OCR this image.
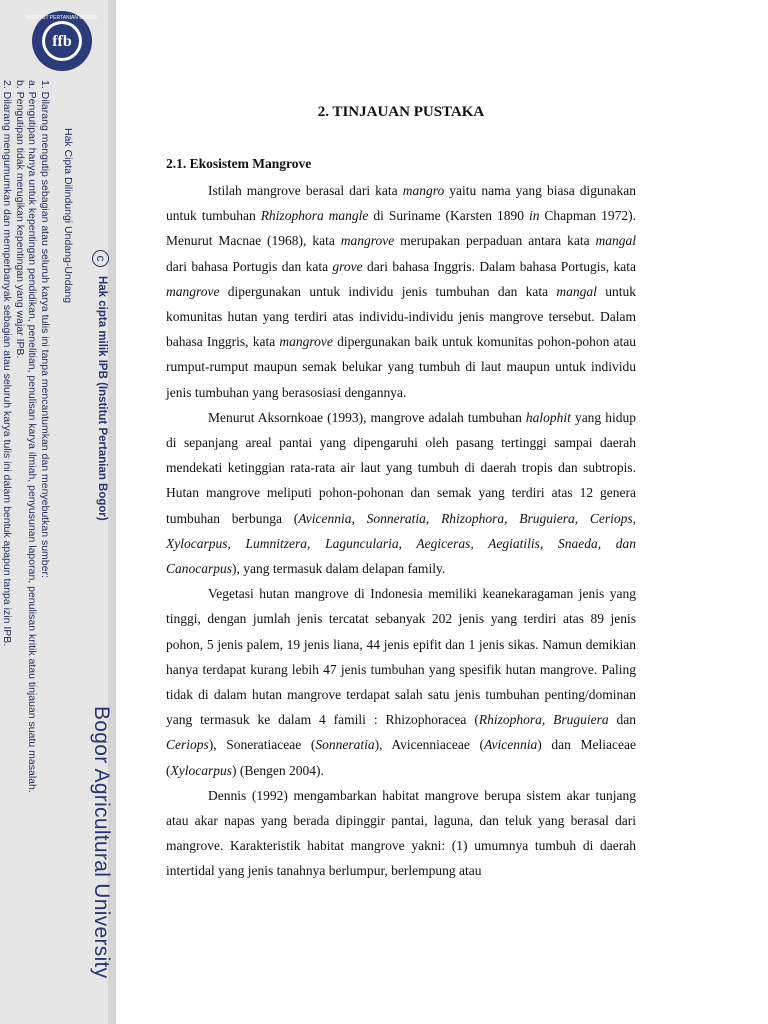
ffb
INSTITUT PERTANIAN BOGOR
2. Dilarang mengumumkan dan memperbanyak sebagian atau seluruh karya tulis ini dalam bentuk apapun tanpa izin IPB. b. Pengutipan tidak merugikan kepentingan yang wajar IPB. a. Pengutipan hanya untuk kepentingan pendidikan, penelitian, penulisan karya ilmiah, penyusunan laporan, penulisan kritik atau tinjauan suatu masalah. 1. Dilarang mengutip sebagian atau seluruh karya tulis ini tanpa mencantumkan dan menyebutkan sumber: Hak Cipta Dilindungi Undang-Undang c
Hak cipta milik IPB (Institut Pertanian Bogor)
Bogor Agricultural University
2. TINJAUAN PUSTAKA
2.1. Ekosistem Mangrove

Istilah mangrove berasal dari kata mangro yaitu nama yang biasa digunakan untuk tumbuhan Rhizophora mangle di Suriname (Karsten 1890 in Chapman 1972). Menurut Macnae (1968), kata mangrove merupakan perpaduan antara kata mangal dari bahasa Portugis dan kata grove dari bahasa Inggris. Dalam bahasa Portugis, kata mangrove dipergunakan untuk individu jenis tumbuhan dan kata mangal untuk komunitas hutan yang terdiri atas individu-individu jenis mangrove tersebut. Dalam bahasa Inggris, kata mangrove dipergunakan baik untuk komunitas pohon-pohon atau rumput-rumput maupun semak belukar yang tumbuh di laut maupun untuk individu jenis tumbuhan yang berasosiasi dengannya.

Menurut Aksornkoae (1993), mangrove adalah tumbuhan halophit yang hidup di sepanjang areal pantai yang dipengaruhi oleh pasang tertinggi sampai daerah mendekati ketinggian rata-rata air laut yang tumbuh di daerah tropis dan subtropis. Hutan mangrove meliputi pohon-pohonan dan semak yang terdiri atas 12 genera tumbuhan berbunga (Avicennia, Sonneratia, Rhizophora, Bruguiera, Ceriops, Xylocarpus, Lumnitzera, Laguncularia, Aegiceras, Aegiatilis, Snaeda, dan Canocarpus), yang termasuk dalam delapan family.

Vegetasi hutan mangrove di Indonesia memiliki keanekaragaman jenis yang tinggi, dengan jumlah jenis tercatat sebanyak 202 jenis yang terdiri atas 89 jenis pohon, 5 jenis palem, 19 jenis liana, 44 jenis epifit dan 1 jenis sikas. Namun demikian hanya terdapat kurang lebih 47 jenis tumbuhan yang spesifik hutan mangrove. Paling tidak di dalam hutan mangrove terdapat salah satu jenis tumbuhan penting/dominan yang termasuk ke dalam 4 famili : Rhizophoracea (Rhizophora, Bruguiera dan Ceriops), Soneratiaceae (Sonneratia), Avicenniaceae (Avicennia) dan Meliaceae (Xylocarpus) (Bengen 2004).

Dennis (1992) mengambarkan habitat mangrove berupa sistem akar tunjang atau akar napas yang berada dipinggir pantai, laguna, dan teluk yang berasal dari mangrove. Karakteristik habitat mangrove yakni: (1) umumnya tumbuh di daerah intertidal yang jenis tanahnya berlumpur, berlempung atau
